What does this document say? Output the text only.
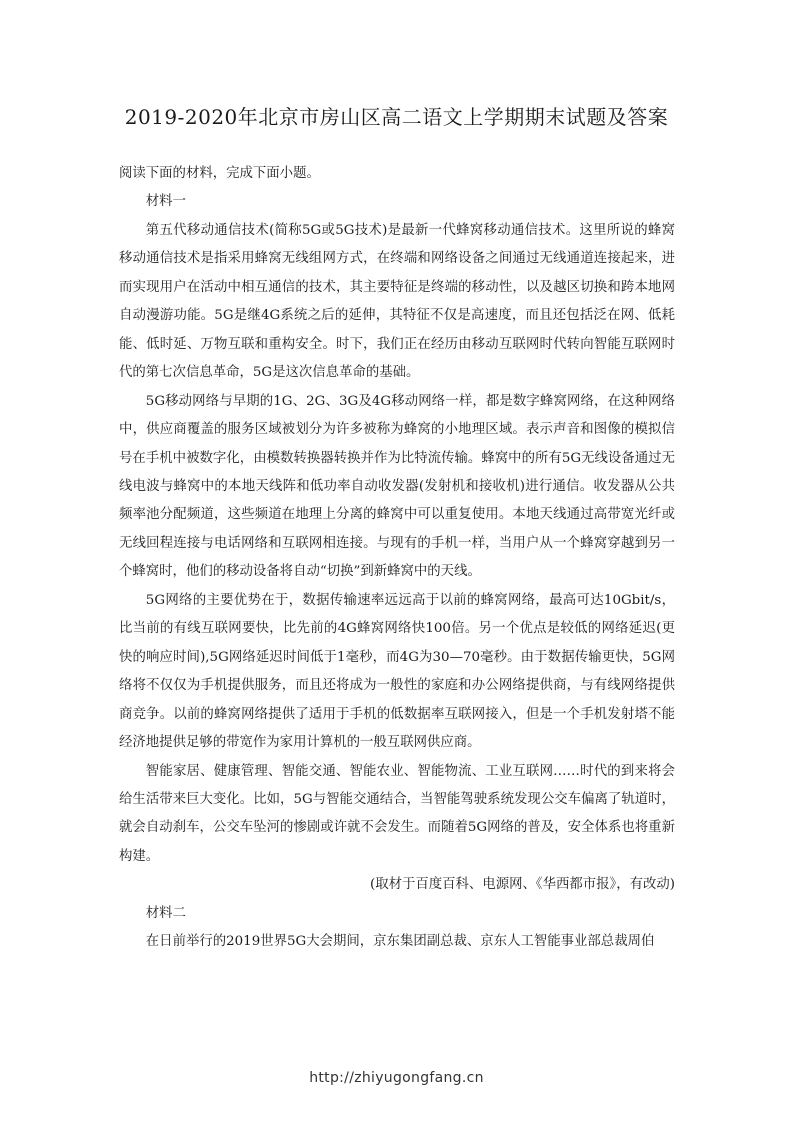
2019-2020年北京市房山区高二语文上学期期末试题及答案

阅读下面的材料，完成下面小题。

材料一

第五代移动通信技术(简称5G或5G技术)是最新一代蜂窝移动通信技术。这里所说的蜂窝移动通信技术是指采用蜂窝无线组网方式，在终端和网络设备之间通过无线通道连接起来，进而实现用户在活动中相互通信的技术，其主要特征是终端的移动性，以及越区切换和跨本地网自动漫游功能。5G是继4G系统之后的延伸，其特征不仅是高速度，而且还包括泛在网、低耗能、低时延、万物互联和重构安全。时下，我们正在经历由移动互联网时代转向智能互联网时代的第七次信息革命，5G是这次信息革命的基础。

5G移动网络与早期的1G、2G、3G及4G移动网络一样，都是数字蜂窝网络，在这种网络中，供应商覆盖的服务区域被划分为许多被称为蜂窝的小地理区域。表示声音和图像的模拟信号在手机中被数字化，由模数转换器转换并作为比特流传输。蜂窝中的所有5G无线设备通过无线电波与蜂窝中的本地天线阵和低功率自动收发器(发射机和接收机)进行通信。收发器从公共频率池分配频道，这些频道在地理上分离的蜂窝中可以重复使用。本地天线通过高带宽光纤或无线回程连接与电话网络和互联网相连接。与现有的手机一样，当用户从一个蜂窝穿越到另一个蜂窝时，他们的移动设备将自动“切换”到新蜂窝中的天线。

5G网络的主要优势在于，数据传输速率远远高于以前的蜂窝网络，最高可达10Gbit/s，比当前的有线互联网要快，比先前的4G蜂窝网络快100倍。另一个优点是较低的网络延迟(更快的响应时间),5G网络延迟时间低于1毫秒，而4G为30—70毫秒。由于数据传输更快，5G网络将不仅仅为手机提供服务，而且还将成为一般性的家庭和办公网络提供商，与有线网络提供商竞争。以前的蜂窝网络提供了适用于手机的低数据率互联网接入，但是一个手机发射塔不能经济地提供足够的带宽作为家用计算机的一般互联网供应商。

智能家居、健康管理、智能交通、智能农业、智能物流、工业互联网……时代的到来将会给生活带来巨大变化。比如，5G与智能交通结合，当智能驾驶系统发现公交车偏离了轨道时，就会自动刹车，公交车坠河的惨剧或许就不会发生。而随着5G网络的普及，安全体系也将重新构建。

(取材于百度百科、电源网、《华西都市报》，有改动)

材料二

在日前举行的2019世界5G大会期间，京东集团副总裁、京东人工智能事业部总裁周伯

http://zhiyugongfang.cn
